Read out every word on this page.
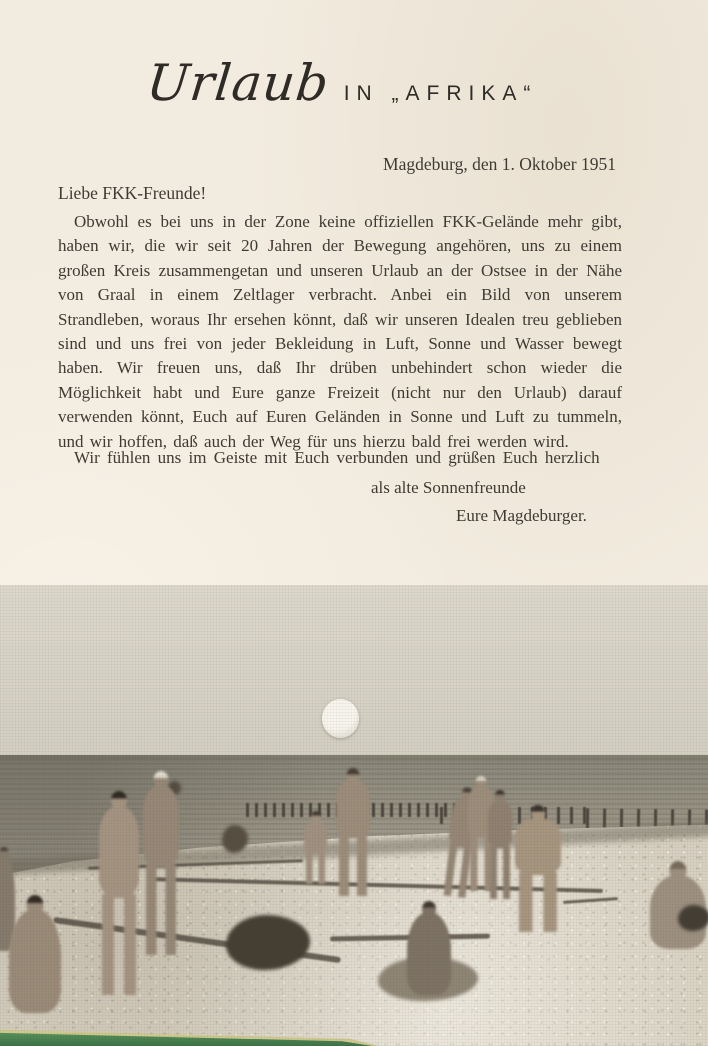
Urlaub IN „AFRIKA“
Magdeburg, den 1. Oktober 1951
Liebe FKK-Freunde!

Obwohl es bei uns in der Zone keine offiziellen FKK-Gelände mehr gibt, haben wir, die wir seit 20 Jahren der Bewegung angehören, uns zu einem großen Kreis zusammengetan und unseren Urlaub an der Ostsee in der Nähe von Graal in einem Zeltlager verbracht. Anbei ein Bild von unserem Strandleben, woraus Ihr ersehen könnt, daß wir unseren Idealen treu geblieben sind und uns frei von jeder Bekleidung in Luft, Sonne und Wasser bewegt haben. Wir freuen uns, daß Ihr drüben unbehindert schon wieder die Möglichkeit habt und Eure ganze Freizeit (nicht nur den Urlaub) darauf verwenden könnt, Euch auf Euren Geländen in Sonne und Luft zu tummeln, und wir hoffen, daß auch der Weg für uns hierzu bald frei werden wird.

Wir fühlen uns im Geiste mit Euch verbunden und grüßen Euch herzlich

als alte Sonnenfreunde
Eure Magdeburger.
